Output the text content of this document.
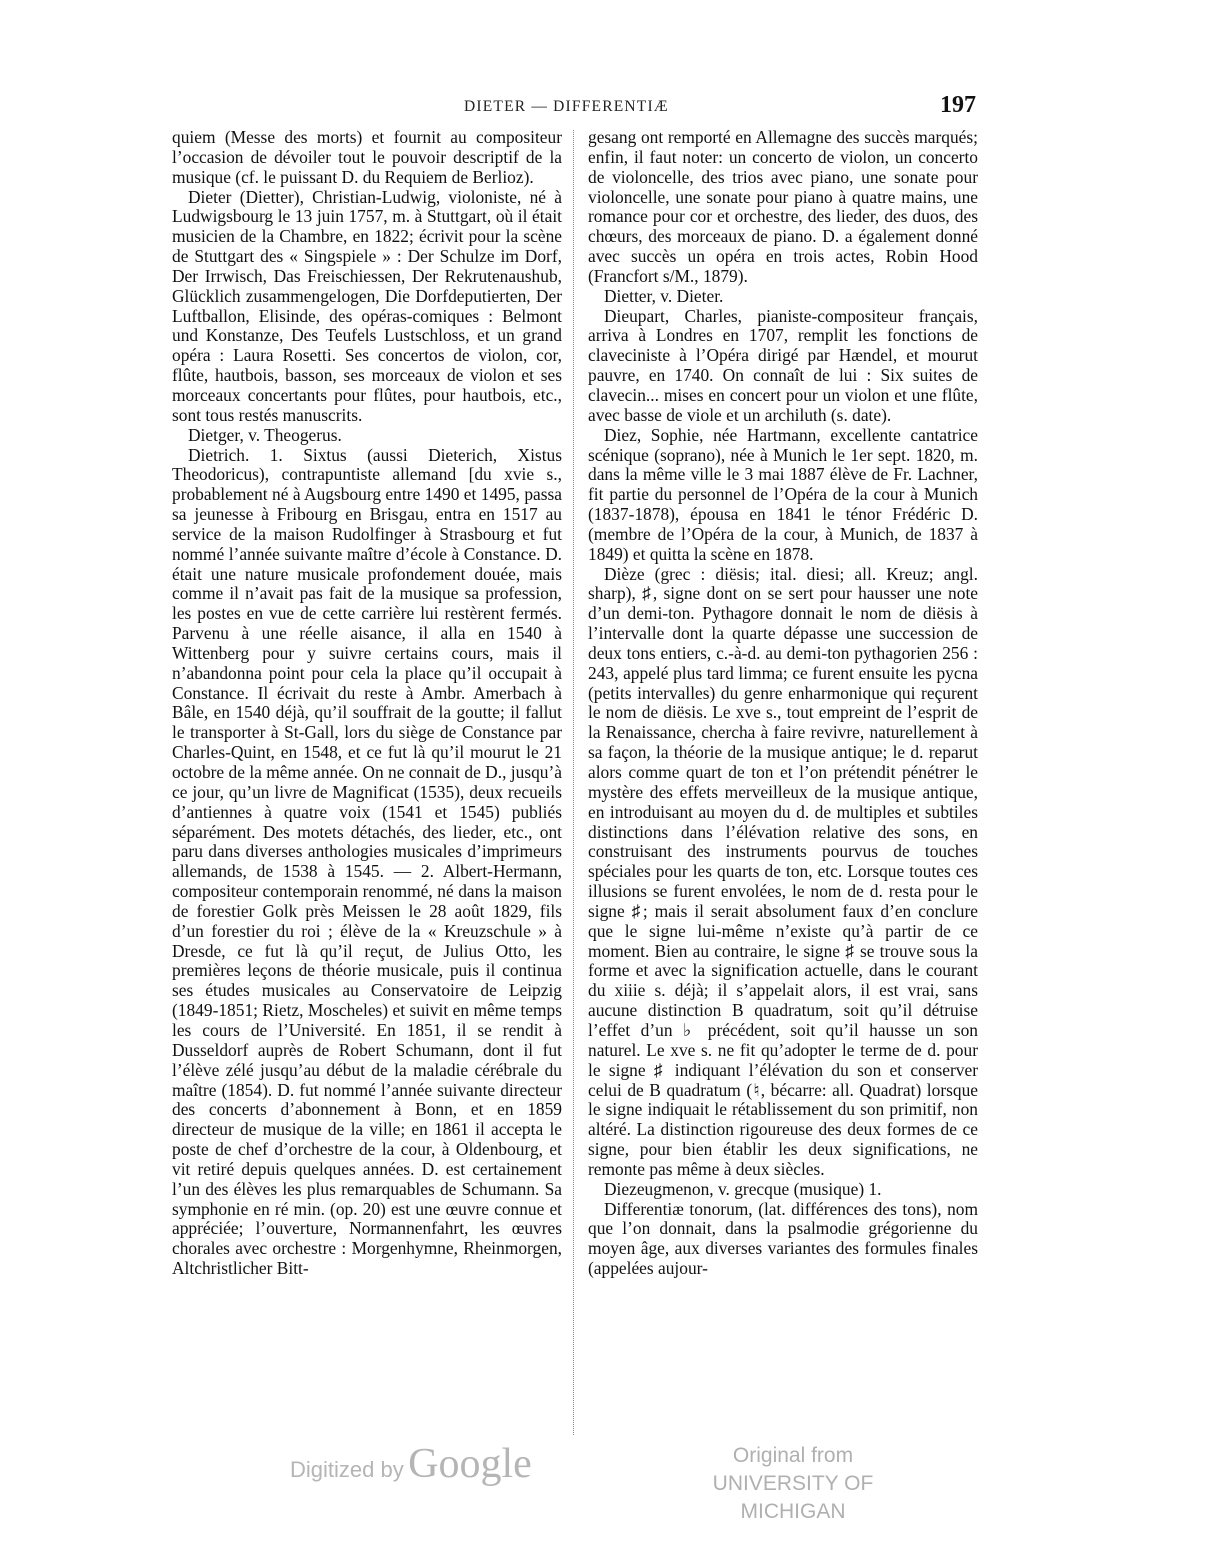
DIETER — DIFFERENTIÆ	197

quiem (Messe des morts) et fournit au compositeur l’occasion de dévoiler tout le pouvoir descriptif de la musique (cf. le puissant D. du Requiem de Berlioz).

Dieter (Dietter), Christian-Ludwig, violoniste, né à Ludwigsbourg le 13 juin 1757, m. à Stuttgart, où il était musicien de la Chambre, en 1822; écrivit pour la scène de Stuttgart des « Singspiele » : Der Schulze im Dorf, Der Irrwisch, Das Freischiessen, Der Rekrutenaushub, Glücklich zusammengelogen, Die Dorfdeputierten, Der Luftballon, Elisinde, des opéras-comiques : Belmont und Konstanze, Des Teufels Lustschloss, et un grand opéra : Laura Rosetti. Ses concertos de violon, cor, flûte, hautbois, basson, ses morceaux de violon et ses morceaux concertants pour flûtes, pour hautbois, etc., sont tous restés manuscrits.

Dietger, v. Theogerus.

Dietrich. 1. Sixtus (aussi Dieterich, Xistus Theodoricus), contrapuntiste allemand [du xvie s., probablement né à Augsbourg entre 1490 et 1495, passa sa jeunesse à Fribourg en Brisgau, entra en 1517 au service de la maison Rudolfinger à Strasbourg et fut nommé l’année suivante maître d’école à Constance. D. était une nature musicale profondement douée, mais comme il n’avait pas fait de la musique sa profession, les postes en vue de cette carrière lui restèrent fermés. Parvenu à une réelle aisance, il alla en 1540 à Wittenberg pour y suivre certains cours, mais il n’abandonna point pour cela la place qu’il occupait à Constance. Il écrivait du reste à Ambr. Amerbach à Bâle, en 1540 déjà, qu’il souffrait de la goutte; il fallut le transporter à St-Gall, lors du siège de Constance par Charles-Quint, en 1548, et ce fut là qu’il mourut le 21 octobre de la même année. On ne connait de D., jusqu’à ce jour, qu’un livre de Magnificat (1535), deux recueils d’antiennes à quatre voix (1541 et 1545) publiés séparément. Des motets détachés, des lieder, etc., ont paru dans diverses anthologies musicales d’imprimeurs allemands, de 1538 à 1545. — 2. Albert-Hermann, compositeur contemporain renommé, né dans la maison de forestier Golk près Meissen le 28 août 1829, fils d’un forestier du roi ; élève de la « Kreuzschule » à Dresde, ce fut là qu’il reçut, de Julius Otto, les premières leçons de théorie musicale, puis il continua ses études musicales au Conservatoire de Leipzig (1849-1851; Rietz, Moscheles) et suivit en même temps les cours de l’Université. En 1851, il se rendit à Dusseldorf auprès de Robert Schumann, dont il fut l’élève zélé jusqu’au début de la maladie cérébrale du maître (1854). D. fut nommé l’année suivante directeur des concerts d’abonnement à Bonn, et en 1859 directeur de musique de la ville; en 1861 il accepta le poste de chef d’orchestre de la cour, à Oldenbourg, et vit retiré depuis quelques années. D. est certainement l’un des élèves les plus remarquables de Schumann. Sa symphonie en ré min. (op. 20) est une œuvre connue et appréciée; l’ouverture, Normannenfahrt, les œuvres chorales avec orchestre : Morgenhymne, Rheinmorgen, Altchristlicher Bitt-

gesang ont remporté en Allemagne des succès marqués; enfin, il faut noter: un concerto de violon, un concerto de violoncelle, des trios avec piano, une sonate pour violoncelle, une sonate pour piano à quatre mains, une romance pour cor et orchestre, des lieder, des duos, des chœurs, des morceaux de piano. D. a également donné avec succès un opéra en trois actes, Robin Hood (Francfort s/M., 1879).

Dietter, v. Dieter.

Dieupart, Charles, pianiste-compositeur français, arriva à Londres en 1707, remplit les fonctions de claveciniste à l’Opéra dirigé par Hændel, et mourut pauvre, en 1740. On connaît de lui : Six suites de clavecin... mises en concert pour un violon et une flûte, avec basse de viole et un archiluth (s. date).

Diez, Sophie, née Hartmann, excellente cantatrice scénique (soprano), née à Munich le 1er sept. 1820, m. dans la même ville le 3 mai 1887 élève de Fr. Lachner, fit partie du personnel de l’Opéra de la cour à Munich (1837-1878), épousa en 1841 le ténor Frédéric D. (membre de l’Opéra de la cour, à Munich, de 1837 à 1849) et quitta la scène en 1878.

Dièze (grec : diësis; ital. diesi; all. Kreuz; angl. sharp), ♯, signe dont on se sert pour hausser une note d’un demi-ton. Pythagore donnait le nom de diësis à l’intervalle dont la quarte dépasse une succession de deux tons entiers, c.-à-d. au demi-ton pythagorien 256 : 243, appelé plus tard limma; ce furent ensuite les pycna (petits intervalles) du genre enharmonique qui reçurent le nom de diësis. Le xve s., tout empreint de l’esprit de la Renaissance, chercha à faire revivre, naturellement à sa façon, la théorie de la musique antique; le d. reparut alors comme quart de ton et l’on prétendit pénétrer le mystère des effets merveilleux de la musique antique, en introduisant au moyen du d. de multiples et subtiles distinctions dans l’élévation relative des sons, en construisant des instruments pourvus de touches spéciales pour les quarts de ton, etc. Lorsque toutes ces illusions se furent envolées, le nom de d. resta pour le signe ♯; mais il serait absolument faux d’en conclure que le signe lui-même n’existe qu’à partir de ce moment. Bien au contraire, le signe ♯ se trouve sous la forme et avec la signification actuelle, dans le courant du xiiie s. déjà; il s’appelait alors, il est vrai, sans aucune distinction B quadratum, soit qu’il détruise l’effet d’un ♭ précédent, soit qu’il hausse un son naturel. Le xve s. ne fit qu’adopter le terme de d. pour le signe ♯ indiquant l’élévation du son et conserver celui de B quadratum (♮, bécarre: all. Quadrat) lorsque le signe indiquait le rétablissement du son primitif, non altéré. La distinction rigoureuse des deux formes de ce signe, pour bien établir les deux significations, ne remonte pas même à deux siècles.

Diezeugmenon, v. grecque (musique) 1.

Differentiæ tonorum, (lat. différences des tons), nom que l’on donnait, dans la psalmodie grégorienne du moyen âge, aux diverses variantes des formules finales (appelées aujour-

Digitized by Google	Original from
UNIVERSITY OF MICHIGAN
